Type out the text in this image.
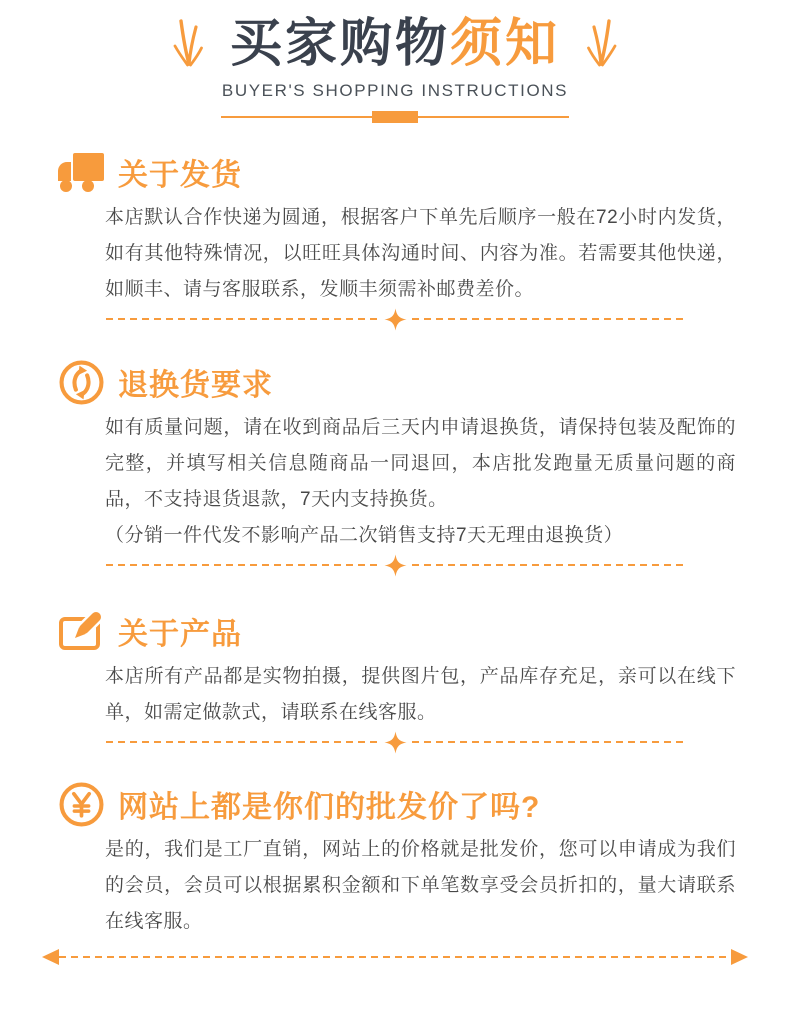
买家购物须知
BUYER'S SHOPPING INSTRUCTIONS
关于发货

本店默认合作快递为圆通，根据客户下单先后顺序一般在72小时内发货，如有其他特殊情况，以旺旺具体沟通时间、内容为准。若需要其他快递，如顺丰、请与客服联系，发顺丰须需补邮费差价。

退换货要求

如有质量问题，请在收到商品后三天内申请退换货，请保持包装及配饰的完整，并填写相关信息随商品一同退回，本店批发跑量无质量问题的商品，不支持退货退款，7天内支持换货。

（分销一件代发不影响产品二次销售支持7天无理由退换货）

关于产品

本店所有产品都是实物拍摄，提供图片包，产品库存充足，亲可以在线下单，如需定做款式，请联系在线客服。

网站上都是你们的批发价了吗?

是的，我们是工厂直销，网站上的价格就是批发价，您可以申请成为我们的会员，会员可以根据累积金额和下单笔数享受会员折扣的，量大请联系在线客服。
